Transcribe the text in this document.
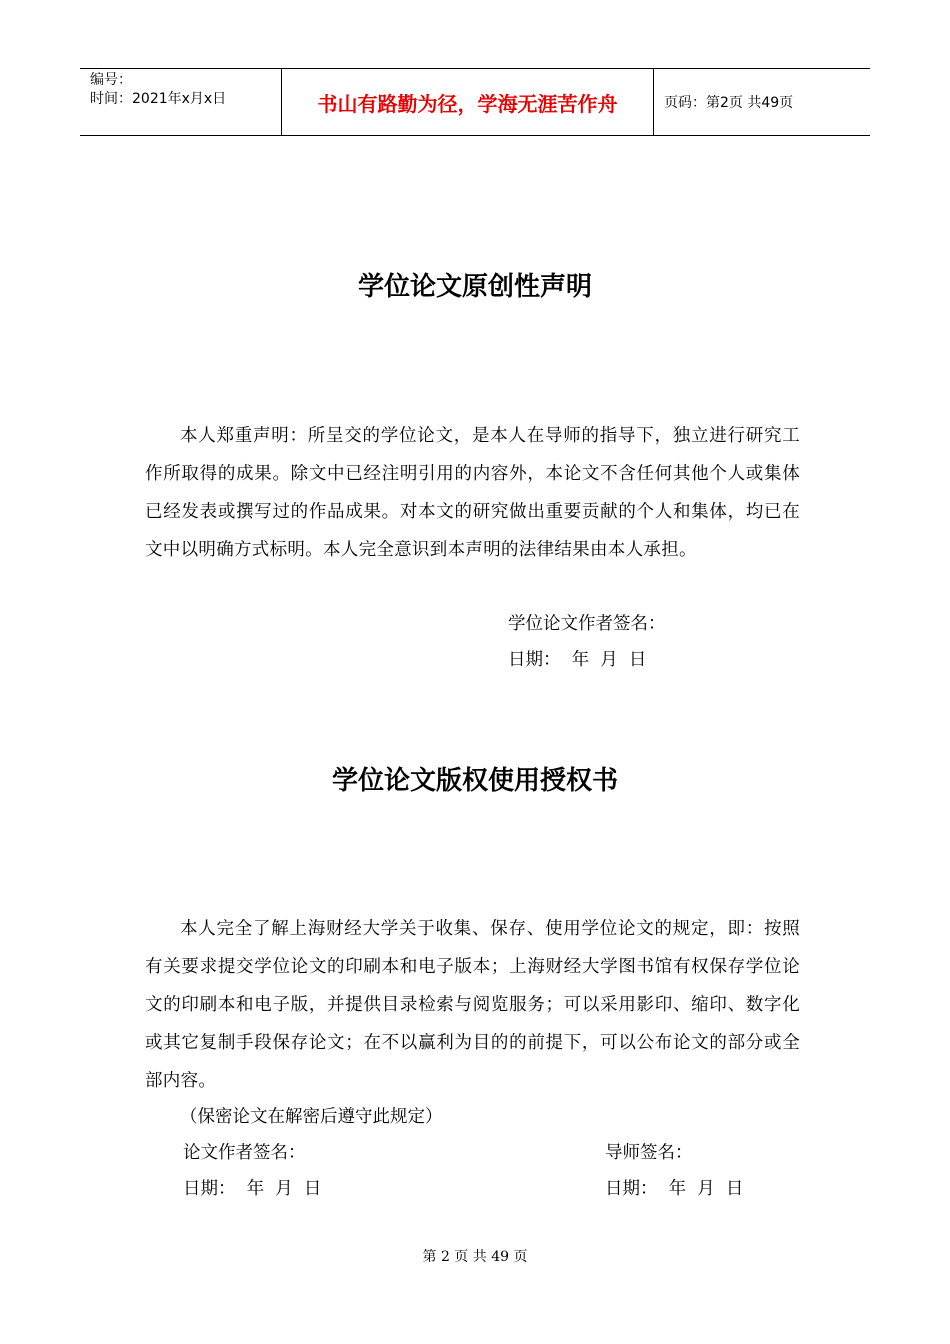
编号：
时间：2021年x月x日	书山有路勤为径，学海无涯苦作舟	页码：第2页 共49页
学位论文原创性声明

本人郑重声明：所呈交的学位论文，是本人在导师的指导下，独立进行研究工作所取得的成果。除文中已经注明引用的内容外，本论文不含任何其他个人或集体已经发表或撰写过的作品成果。对本文的研究做出重要贡献的个人和集体，均已在文中以明确方式标明。本人完全意识到本声明的法律结果由本人承担。

学位论文作者签名：

日期：  年  月  日

学位论文版权使用授权书

本人完全了解上海财经大学关于收集、保存、使用学位论文的规定，即：按照有关要求提交学位论文的印刷本和电子版本；上海财经大学图书馆有权保存学位论文的印刷本和电子版，并提供目录检索与阅览服务；可以采用影印、缩印、数字化或其它复制手段保存论文；在不以赢利为目的的前提下，可以公布论文的部分或全部内容。

（保密论文在解密后遵守此规定）

论文作者签名：	导师签名：

日期：  年  月  日	日期：  年  月  日

第 2 页 共 49 页
